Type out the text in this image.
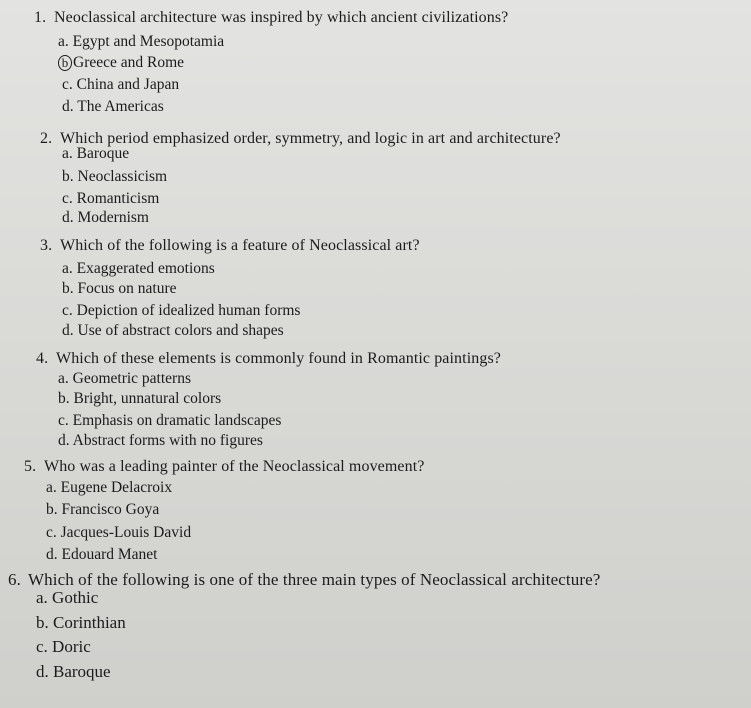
1. Neoclassical architecture was inspired by which ancient civilizations?
a. Egypt and Mesopotamia
b Greece and Rome
c. China and Japan
d. The Americas
2. Which period emphasized order, symmetry, and logic in art and architecture?
a. Baroque
b. Neoclassicism
c. Romanticism
d. Modernism
3. Which of the following is a feature of Neoclassical art?
a. Exaggerated emotions
b. Focus on nature
c. Depiction of idealized human forms
d. Use of abstract colors and shapes
4. Which of these elements is commonly found in Romantic paintings?
a. Geometric patterns
b. Bright, unnatural colors
c. Emphasis on dramatic landscapes
d. Abstract forms with no figures
5. Who was a leading painter of the Neoclassical movement?
a. Eugene Delacroix
b. Francisco Goya
c. Jacques-Louis David
d. Edouard Manet
6. Which of the following is one of the three main types of Neoclassical architecture?
a. Gothic
b. Corinthian
c. Doric
d. Baroque
